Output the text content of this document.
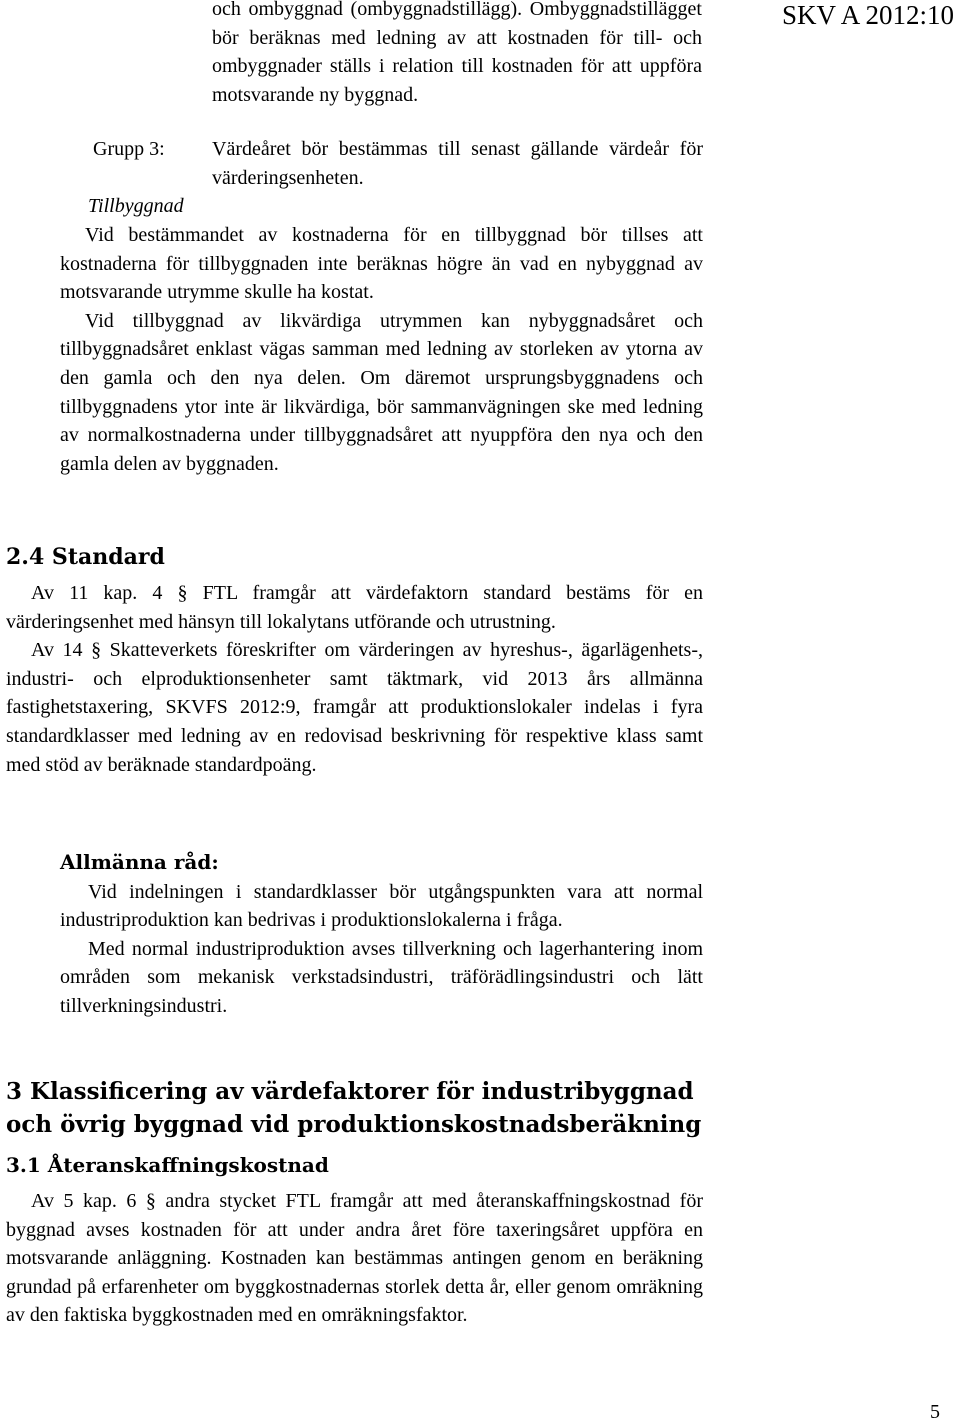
SKV A 2012:10

och ombyggnad (ombyggnadstillägg). Ombyggnadstillägget bör beräknas med ledning av att kostnaden för till- och ombyggnader ställs i relation till kostnaden för att uppföra motsvarande ny byggnad.

Grupp 3:	Värdeåret bör bestämmas till senast gällande värdeår för värderingsenheten.
Tillbyggnad

Vid bestämmandet av kostnaderna för en tillbyggnad bör tillses att kostnaderna för tillbyggnaden inte beräknas högre än vad en nybyggnad av motsvarande utrymme skulle ha kostat.

Vid tillbyggnad av likvärdiga utrymmen kan nybyggnadsåret och tillbyggnadsåret enklast vägas samman med ledning av storleken av ytorna av den gamla och den nya delen. Om däremot ursprungsbyggnadens och tillbyggnadens ytor inte är likvärdiga, bör sammanvägningen ske med ledning av normalkostnaderna under tillbyggnadsåret att nyuppföra den nya och den gamla delen av byggnaden.

2.4 Standard

Av 11 kap. 4 § FTL framgår att värdefaktorn standard bestäms för en värderingsenhet med hänsyn till lokalytans utförande och utrustning.

Av 14 § Skatteverkets föreskrifter om värderingen av hyreshus-, ägarlägenhets-, industri- och elproduktionsenheter samt täktmark, vid 2013 års allmänna fastighetstaxering, SKVFS 2012:9, framgår att produktionslokaler indelas i fyra standardklasser med ledning av en redovisad beskrivning för respektive klass samt med stöd av beräknade standardpoäng.

Allmänna råd:

Vid indelningen i standardklasser bör utgångspunkten vara att normal industriproduktion kan bedrivas i produktionslokalerna i fråga.

Med normal industriproduktion avses tillverkning och lagerhantering inom områden som mekanisk verkstadsindustri, träförädlingsindustri och lätt tillverkningsindustri.

3 Klassificering av värdefaktorer för industribyggnad och övrig byggnad vid produktionskostnadsberäkning
3.1 Återanskaffningskostnad

Av 5 kap. 6 § andra stycket FTL framgår att med återanskaffningskostnad för byggnad avses kostnaden för att under andra året före taxeringsåret uppföra en motsvarande anläggning. Kostnaden kan bestämmas antingen genom en beräkning grundad på erfarenheter om byggkostnadernas storlek detta år, eller genom omräkning av den faktiska byggkostnaden med en omräkningsfaktor.

5
